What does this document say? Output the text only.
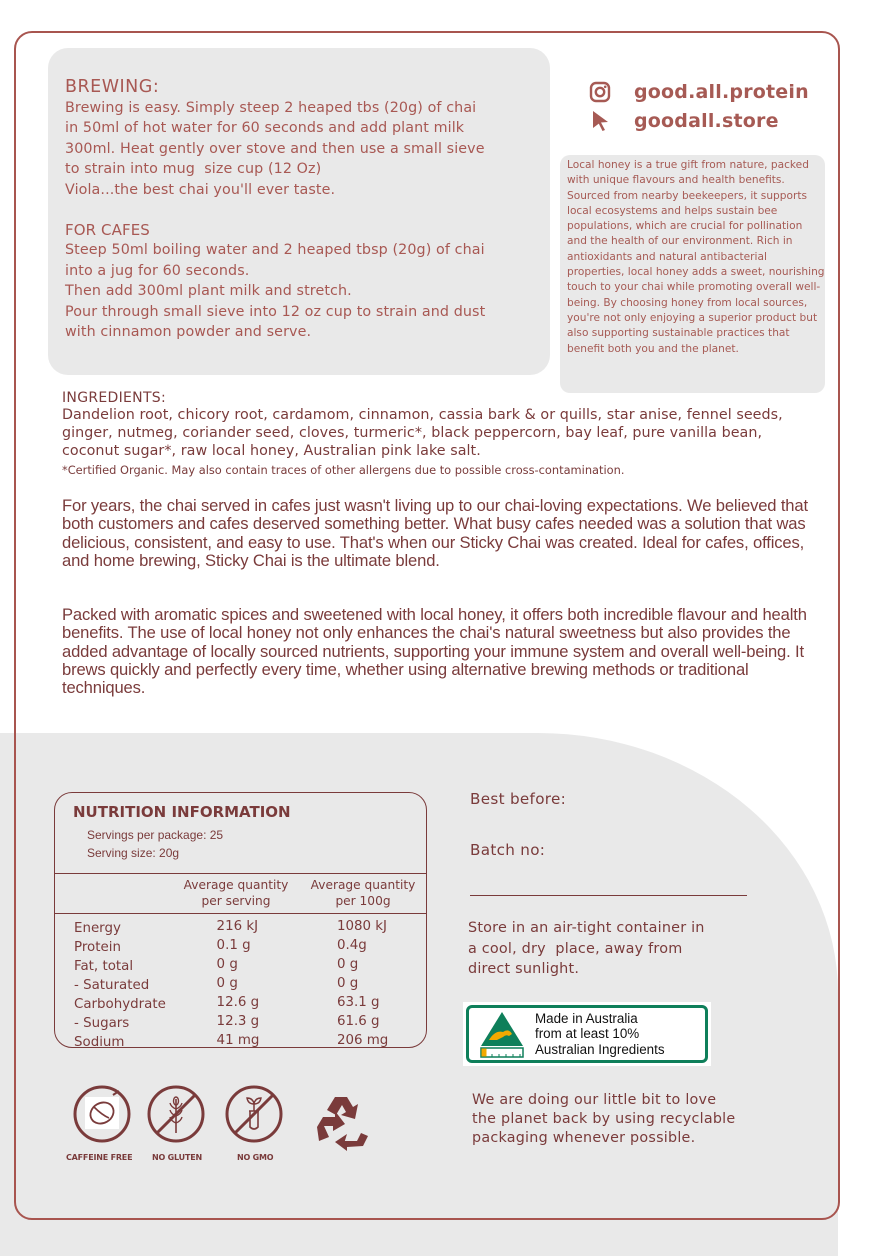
BREWING:
Brewing is easy. Simply steep 2 heaped tbs (20g) of chai
in 50ml of hot water for 60 seconds and add plant milk
300ml. Heat gently over stove and then use a small sieve
to strain into mug  size cup (12 Oz)
Viola...the best chai you'll ever taste.
FOR CAFES
Steep 50ml boiling water and 2 heaped tbsp (20g) of chai
into a jug for 60 seconds.
Then add 300ml plant milk and stretch.
Pour through small sieve into 12 oz cup to strain and dust
with cinnamon powder and serve.
good.all.protein
goodall.store
Local honey is a true gift from nature, packed with unique flavours and health benefits. Sourced from nearby beekeepers, it supports local ecosystems and helps sustain bee populations, which are crucial for pollination and the health of our environment. Rich in antioxidants and natural antibacterial properties, local honey adds a sweet, nourishing touch to your chai while promoting overall well-being. By choosing honey from local sources, you're not only enjoying a superior product but also supporting sustainable practices that benefit both you and the planet.
INGREDIENTS:
Dandelion root, chicory root, cardamom, cinnamon, cassia bark & or quills, star anise, fennel seeds, ginger, nutmeg, coriander seed, cloves, turmeric*, black peppercorn, bay leaf, pure vanilla bean, coconut sugar*, raw local honey, Australian pink lake salt.
*Certified Organic. May also contain traces of other allergens due to possible cross-contamination.
For years, the chai served in cafes just wasn't living up to our chai-loving expectations. We believed that both customers and cafes deserved something better. What busy cafes needed was a solution that was delicious, consistent, and easy to use. That's when our Sticky Chai was created. Ideal for cafes, offices, and home brewing, Sticky Chai is the ultimate blend.
Packed with aromatic spices and sweetened with local honey, it offers both incredible flavour and health benefits. The use of local honey not only enhances the chai's natural sweetness but also provides the added advantage of locally sourced nutrients, supporting your immune system and overall well-being. It brews quickly and perfectly every time, whether using alternative brewing methods or traditional techniques.
NUTRITION INFORMATION
Servings per package: 25
Serving size: 20g
Average quantity
per serving
Average quantity
per 100g
Energy	216 kJ	1080 kJ
Protein	0.1 g	0.4g
Fat, total	0 g	0 g
- Saturated	0 g	0 g
Carbohydrate	12.6 g	63.1 g
- Sugars	12.3 g	61.6 g
Sodium	41 mg	206 mg
CAFFEINE FREE NO GLUTEN	NO GMO
Best before:
Batch no:
Store in an air-tight container in
a cool, dry  place, away from
direct sunlight.
Made in Australia
from at least 10%
Australian Ingredients
We are doing our little bit to love
the planet back by using recyclable
packaging whenever possible.
